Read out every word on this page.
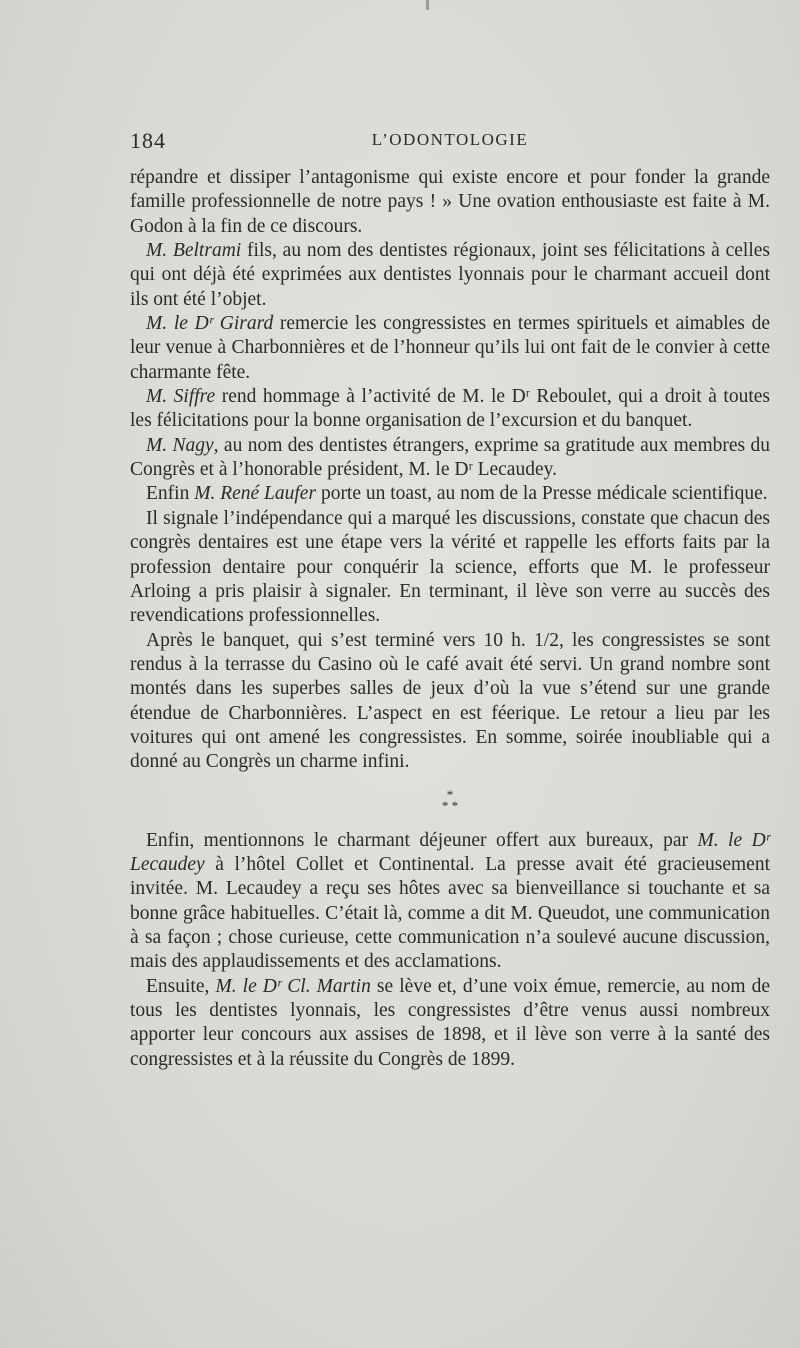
184	L’ODONTOLOGIE

répandre et dissiper l’antagonisme qui existe encore et pour fonder la grande famille professionnelle de notre pays ! » Une ovation enthousiaste est faite à M. Godon à la fin de ce discours.

M. Beltrami fils, au nom des dentistes régionaux, joint ses félicitations à celles qui ont déjà été exprimées aux dentistes lyonnais pour le charmant accueil dont ils ont été l’objet.

M. le Dʳ Girard remercie les congressistes en termes spirituels et aimables de leur venue à Charbonnières et de l’honneur qu’ils lui ont fait de le convier à cette charmante fête.

M. Siffre rend hommage à l’activité de M. le Dʳ Reboulet, qui a droit à toutes les félicitations pour la bonne organisation de l’excursion et du banquet.

M. Nagy, au nom des dentistes étrangers, exprime sa gratitude aux membres du Congrès et à l’honorable président, M. le Dʳ Lecaudey.

Enfin M. René Laufer porte un toast, au nom de la Presse médicale scientifique.

Il signale l’indépendance qui a marqué les discussions, constate que chacun des congrès dentaires est une étape vers la vérité et rappelle les efforts faits par la profession dentaire pour conquérir la science, efforts que M. le professeur Arloing a pris plaisir à signaler. En terminant, il lève son verre au succès des revendications professionnelles.

Après le banquet, qui s’est terminé vers 10 h. 1/2, les congressistes se sont rendus à la terrasse du Casino où le café avait été servi. Un grand nombre sont montés dans les superbes salles de jeux d’où la vue s’étend sur une grande étendue de Charbonnières. L’aspect en est féerique. Le retour a lieu par les voitures qui ont amené les congressistes. En somme, soirée inoubliable qui a donné au Congrès un charme infini.

*
* *

Enfin, mentionnons le charmant déjeuner offert aux bureaux, par M. le Dʳ Lecaudey à l’hôtel Collet et Continental. La presse avait été gracieusement invitée. M. Lecaudey a reçu ses hôtes avec sa bienveillance si touchante et sa bonne grâce habituelles. C’était là, comme a dit M. Queudot, une communication à sa façon ; chose curieuse, cette communication n’a soulevé aucune discussion, mais des applaudissements et des acclamations.

Ensuite, M. le Dʳ Cl. Martin se lève et, d’une voix émue, remercie, au nom de tous les dentistes lyonnais, les congressistes d’être venus aussi nombreux apporter leur concours aux assises de 1898, et il lève son verre à la santé des congressistes et à la réussite du Congrès de 1899.
